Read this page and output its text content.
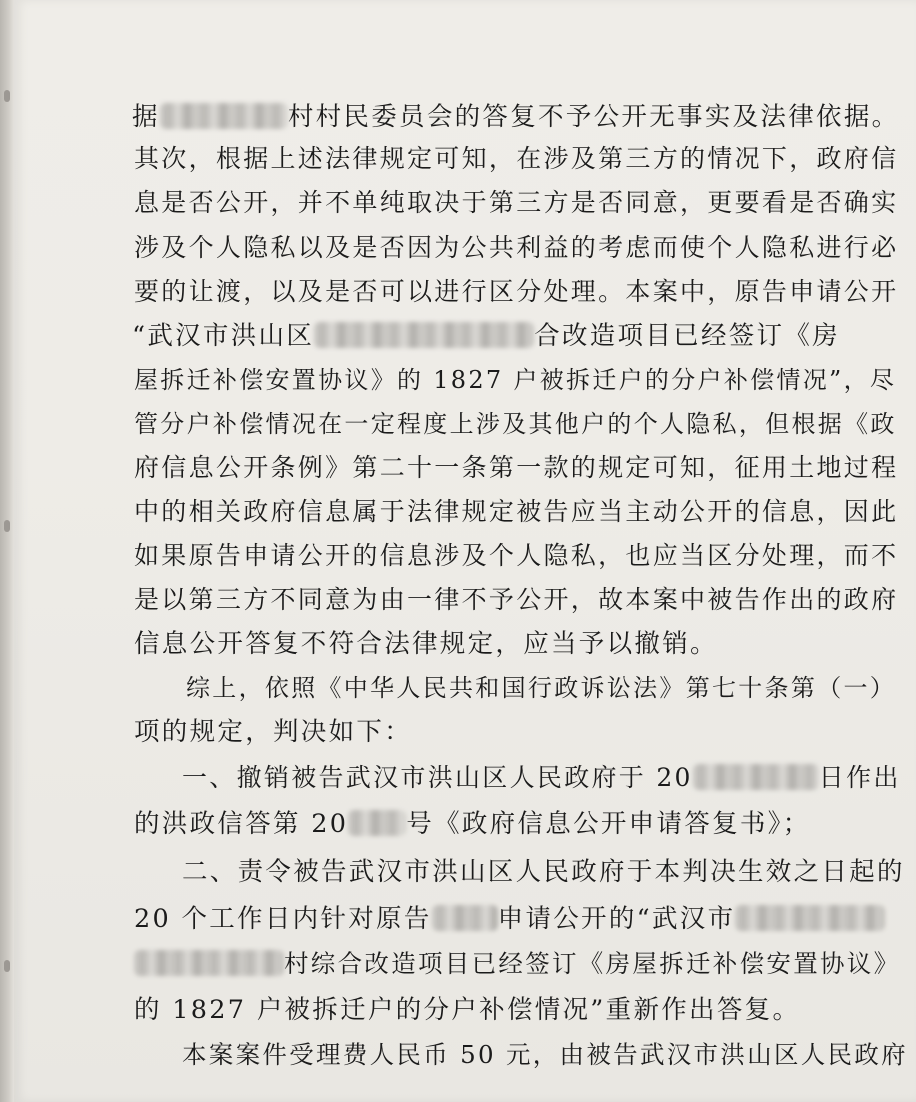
据	村村民委员会的答复不予公开无事实及法律依据。
其次，根据上述法律规定可知，在涉及第三方的情况下，政府信
息是否公开，并不单纯取决于第三方是否同意，更要看是否确实
涉及个人隐私以及是否因为公共利益的考虑而使个人隐私进行必
要的让渡，以及是否可以进行区分处理。本案中，原告申请公开
“武汉市洪山区	合改造项目已经签订《房
屋拆迁补偿安置协议》的 1827 户被拆迁户的分户补偿情况”，尽
管分户补偿情况在一定程度上涉及其他户的个人隐私，但根据《政
府信息公开条例》第二十一条第一款的规定可知，征用土地过程
中的相关政府信息属于法律规定被告应当主动公开的信息，因此
如果原告申请公开的信息涉及个人隐私，也应当区分处理，而不
是以第三方不同意为由一律不予公开，故本案中被告作出的政府
信息公开答复不符合法律规定，应当予以撤销。
综上，依照《中华人民共和国行政诉讼法》第七十条第（一）
项的规定，判决如下：
一、撤销被告武汉市洪山区人民政府于 20	日作出
的洪政信答第 20 号《政府信息公开申请答复书》；
二、责令被告武汉市洪山区人民政府于本判决生效之日起的
20 个工作日内针对原告	申请公开的“武汉市
村综合改造项目已经签订《房屋拆迁补偿安置协议》
的 1827 户被拆迁户的分户补偿情况”重新作出答复。
本案案件受理费人民币 50 元，由被告武汉市洪山区人民政府
